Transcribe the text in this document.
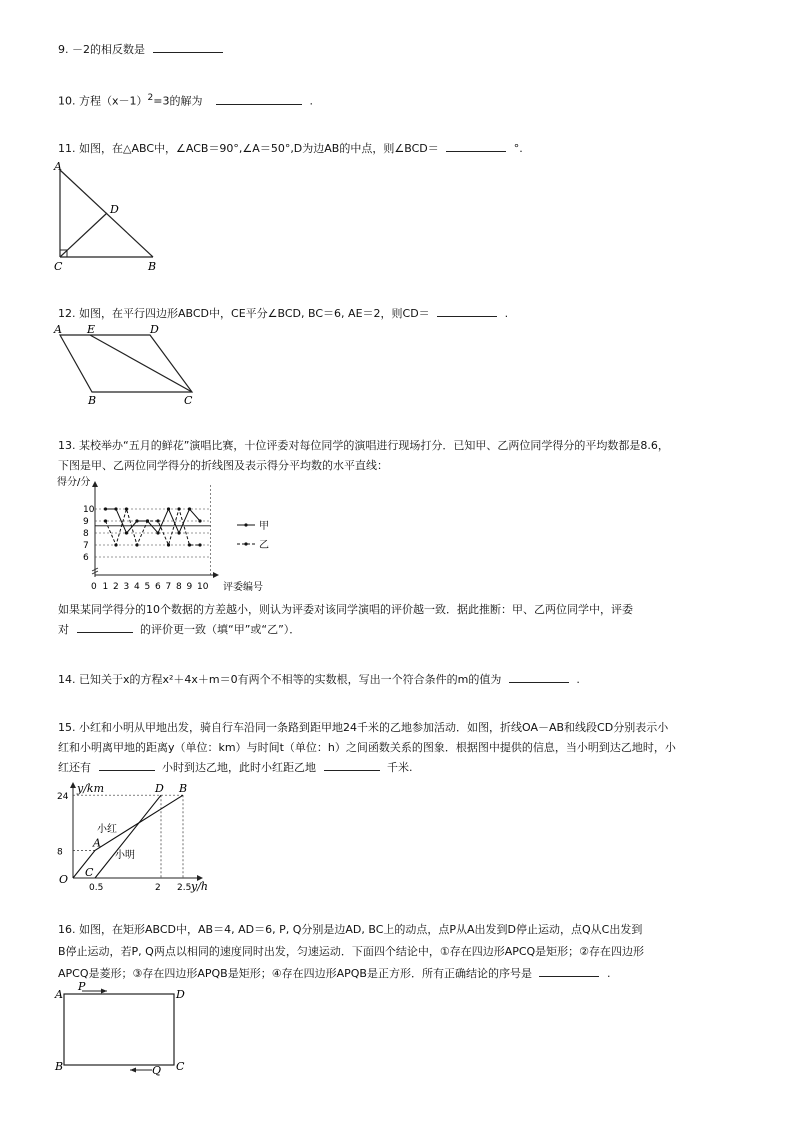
9. －2的相反数是
10. 方程$(x-1)^2=3$的解为	.
11. 如图，在△ABC中，∠ACB＝90°,∠A＝50°,D为边AB的中点，则∠BCD＝	°.
A
D
C	B
12. 如图，在平行四边形ABCD中，CE平分∠BCD, BC＝6, AE＝2，则CD＝	.
A E	D
B	C
13. 某校举办“五月的鲜花”演唱比赛，十位评委对每位同学的演唱进行现场打分．已知甲、乙两位同学得分的平均数都是8.6，
下图是甲、乙两位同学得分的折线图及表示得分平均数的水平直线：
得分/分
评委编号
0
6
7
8
9
10
1 2 3 4 5 6 7 8 9 10
甲
乙
如果某同学得分的10个数据的方差越小，则认为评委对该同学演唱的评价越一致．据此推断：甲、乙两位同学中，评委
对	的评价更一致（填“甲”或“乙”）．
14. 已知关于x的方程x²＋4x＋m＝0有两个不相等的实数根，写出一个符合条件的m的值为	.
15. 小红和小明从甲地出发，骑自行车沿同一条路到距甲地24千米的乙地参加活动．如图，折线OA－AB和线段CD分别表示小
红和小明离甲地的距离y（单位：km）与时间t（单位：h）之间函数关系的图象．根据图中提供的信息，当小明到达乙地时，小
红还有	小时到达乙地，此时小红距乙地	千米.
y/km
y/h
O
8
24
0.5	2 2.5
小红
小明
A
B
D
C
16. 如图，在矩形ABCD中，AB＝4, AD＝6, P, Q分别是边AD, BC上的动点，点P从A出发到D停止运动，点Q从C出发到
B停止运动，若P, Q两点以相同的速度同时出发，匀速运动．下面四个结论中，①存在四边形APCQ是矩形；②存在四边形
APCQ是菱形；③存在四边形APQB是矩形；④存在四边形APQB是正方形．所有正确结论的序号是	.
A
P
D
B	Q C
